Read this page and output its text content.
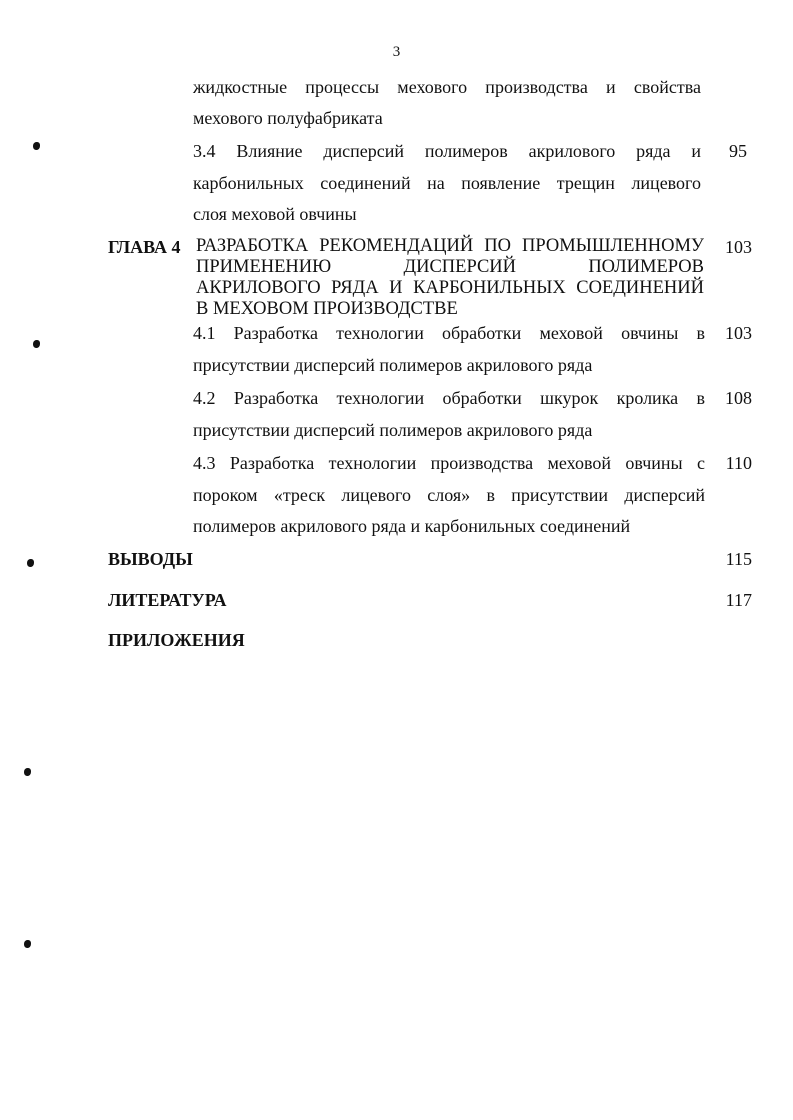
3
жидкостные процессы мехового производства и свойства
мехового полуфабриката
3.4 Влияние дисперсий полимеров акрилового ряда и	95
карбонильных соединений на появление трещин лицевого
слоя меховой овчины
ГЛАВА 4 РАЗРАБОТКА РЕКОМЕНДАЦИЙ ПО ПРОМЫШЛЕННОМУ	103
ПРИМЕНЕНИЮ ДИСПЕРСИЙ ПОЛИМЕРОВ
АКРИЛОВОГО РЯДА И КАРБОНИЛЬНЫХ СОЕДИНЕНИЙ
В МЕХОВОМ ПРОИЗВОДСТВЕ
4.1 Разработка технологии обработки меховой овчины в	103
присутствии дисперсий полимеров акрилового ряда
4.2 Разработка технологии обработки шкурок кролика в	108
присутствии дисперсий полимеров акрилового ряда
4.3 Разработка технологии производства меховой овчины с	110
пороком «треск лицевого слоя» в присутствии дисперсий
полимеров акрилового ряда и карбонильных соединений
ВЫВОДЫ	115
ЛИТЕРАТУРА	117
ПРИЛОЖЕНИЯ
